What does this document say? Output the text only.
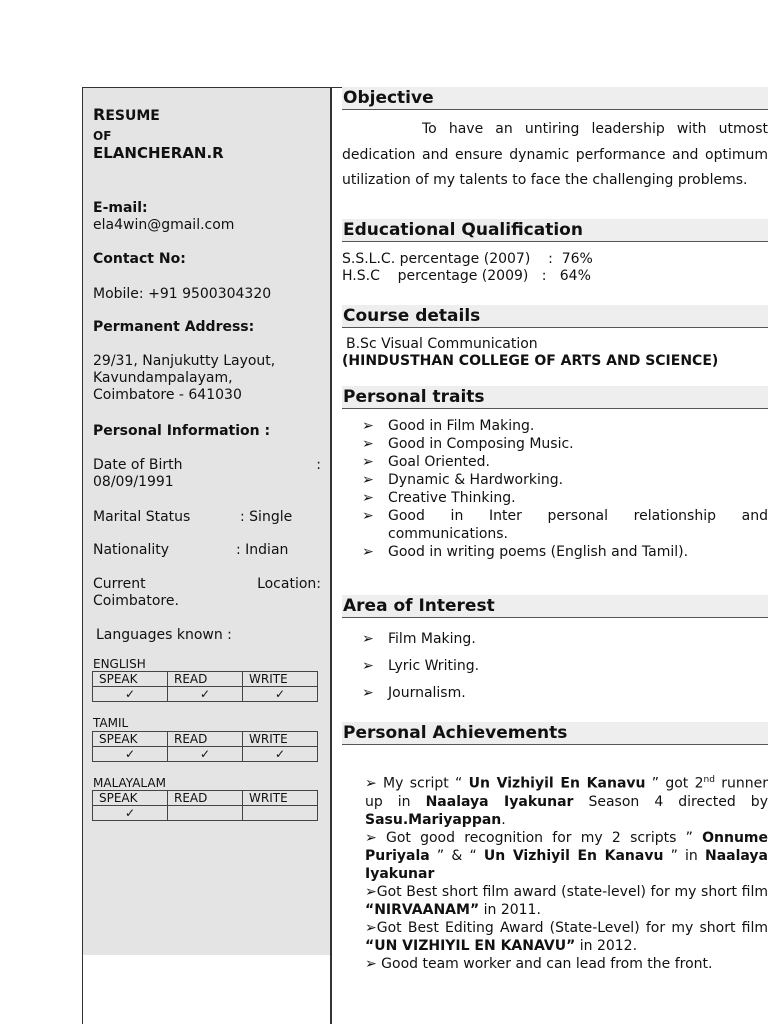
RESUME
OF
ELANCHERAN.R
E-mail:
ela4win@gmail.com
Contact No:
Mobile: +91 9500304320
Permanent Address:
29/31, Nanjukutty Layout,
Kavundampalayam,
Coimbatore - 641030
Personal Information :
Date of Birth	:
08/09/1991
Marital Status	: Single
Nationality	: Indian
Current	Location:
Coimbatore.
Languages known :
ENGLISH
SPEAK	READ	WRITE
✓	✓	✓
TAMIL
SPEAK	READ	WRITE
✓	✓	✓
MALAYALAM
SPEAK	READ	WRITE
✓		
Objective
To have an untiring leadership with utmost dedication and ensure dynamic performance and optimum utilization of my talents to face the challenging problems.
Educational Qualification
S.S.L.C. percentage (2007)    :  76%
H.S.C    percentage (2009)   :   64%
Course details
B.Sc Visual Communication
(HINDUSTHAN COLLEGE OF ARTS AND SCIENCE)
Personal traits
➢ Good in Film Making.
➢ Good in Composing Music.
➢ Goal Oriented.
➢ Dynamic & Hardworking.
➢ Creative Thinking.
➢ Good in Inter personal relationship and communications.
➢ Good in writing poems (English and Tamil).
Area of Interest
➢ Film Making.
➢ Lyric Writing.
➢ Journalism.
Personal Achievements

➢ My script “ Un Vizhiyil En Kanavu ” got 2nd runner up in Naalaya Iyakunar Season 4 directed by Sasu.Mariyappan.

➢ Got good recognition for my 2 scripts ” Onnume Puriyala ” & “ Un Vizhiyil En Kanavu ” in Naalaya Iyakunar

➢Got Best short film award (state-level) for my short film “NIRVAANAM” in 2011.

➢Got Best Editing Award (State-Level) for my short film “UN VIZHIYIL EN KANAVU” in 2012.

➢ Good team worker and can lead from the front.
